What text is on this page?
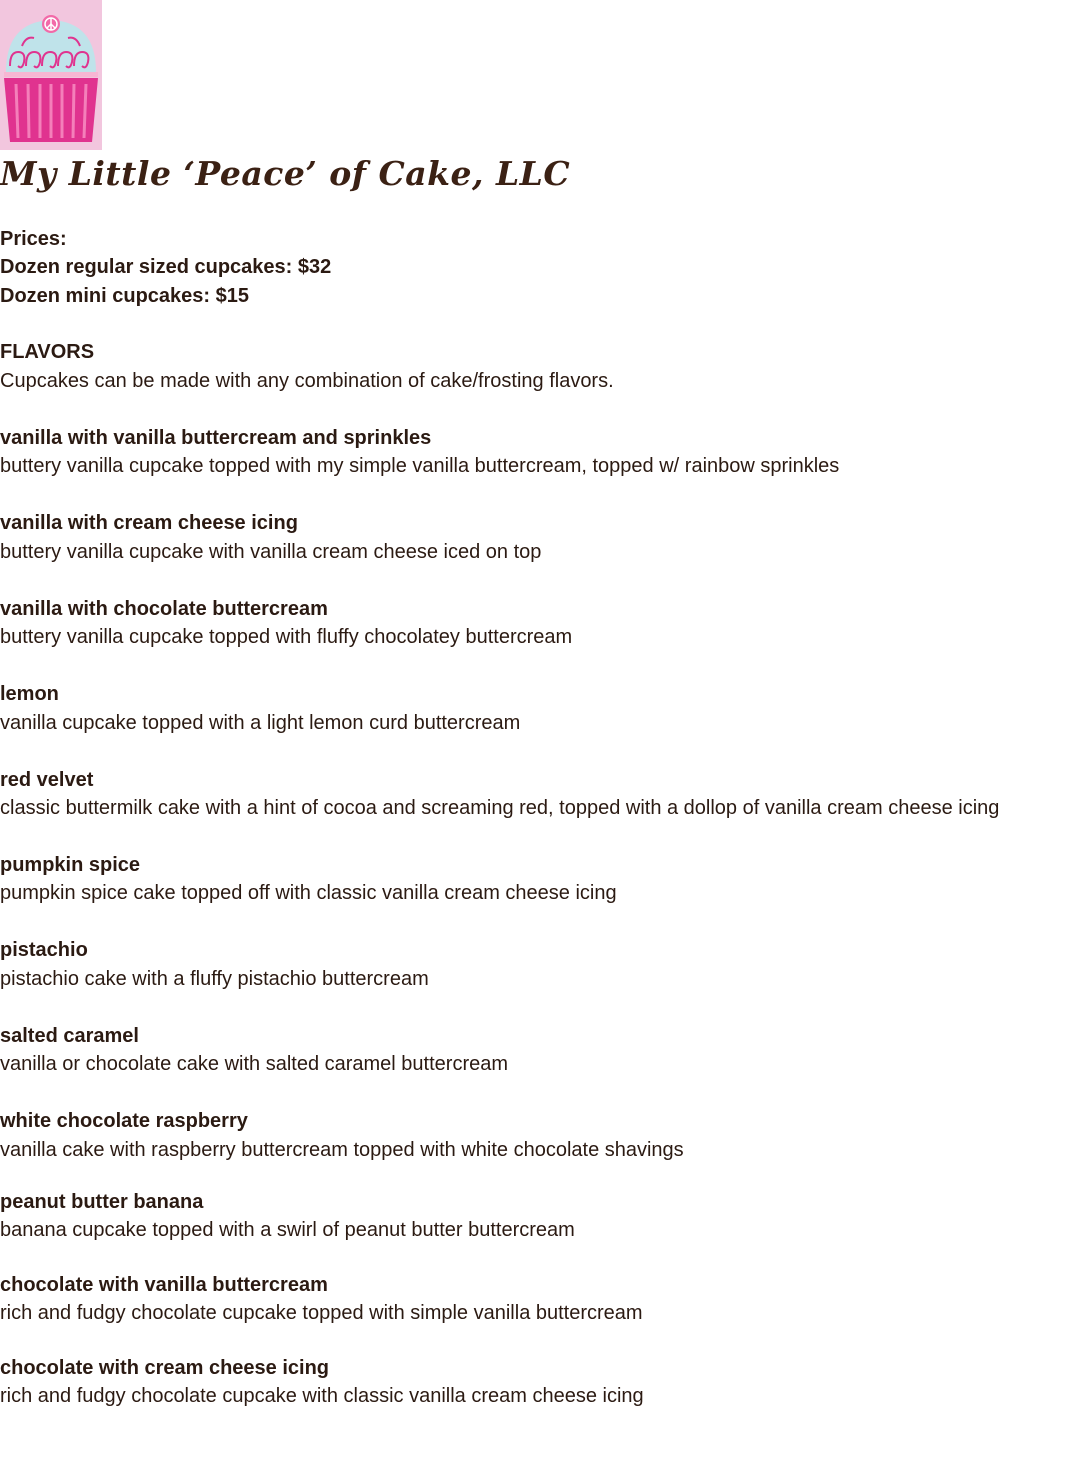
My Little ‘Peace’ of Cake, LLC

Prices:

Dozen regular sized cupcakes: $32

Dozen mini cupcakes: $15

FLAVORS

Cupcakes can be made with any combination of cake/frosting flavors.

vanilla with vanilla buttercream and sprinkles

buttery vanilla cupcake topped with my simple vanilla buttercream, topped w/ rainbow sprinkles

vanilla with cream cheese icing

buttery vanilla cupcake with vanilla cream cheese iced on top

vanilla with chocolate buttercream

buttery vanilla cupcake topped with fluffy chocolatey buttercream

lemon

vanilla cupcake topped with a light lemon curd buttercream

red velvet

classic buttermilk cake with a hint of cocoa and screaming red, topped with a dollop of vanilla cream cheese icing

pumpkin spice

pumpkin spice cake topped off with classic vanilla cream cheese icing

pistachio

pistachio cake with a fluffy pistachio buttercream

salted caramel

vanilla or chocolate cake with salted caramel buttercream

white chocolate raspberry

vanilla cake with raspberry buttercream topped with white chocolate shavings

peanut butter banana

banana cupcake topped with a swirl of peanut butter buttercream

chocolate with vanilla buttercream

rich and fudgy chocolate cupcake topped with simple vanilla buttercream

chocolate with cream cheese icing

rich and fudgy chocolate cupcake with classic vanilla cream cheese icing
